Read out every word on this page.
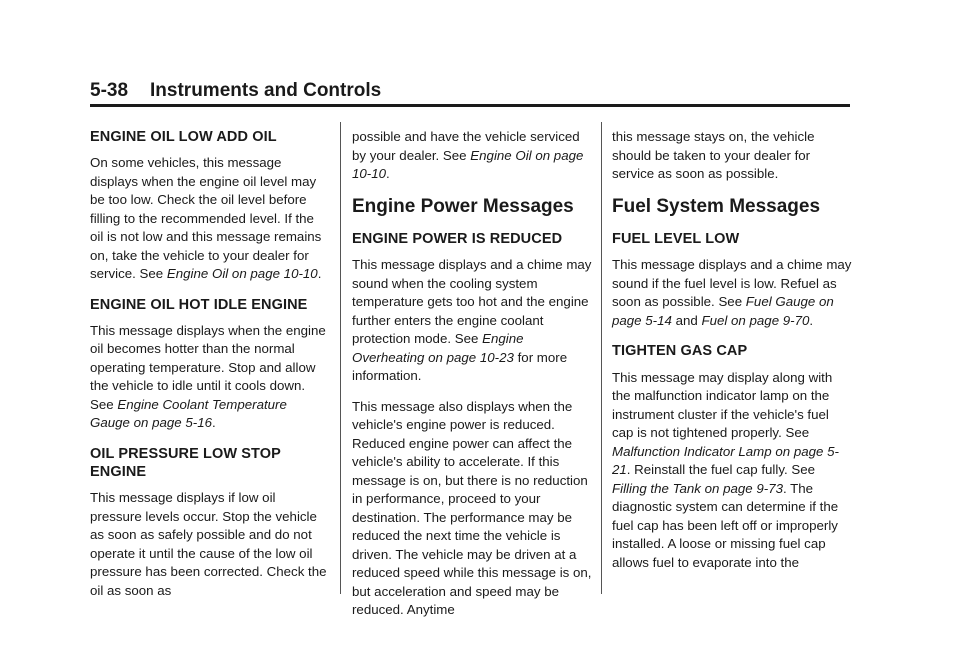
5-38 Instruments and Controls
ENGINE OIL LOW ADD OIL

On some vehicles, this message displays when the engine oil level may be too low. Check the oil level before filling to the recommended level. If the oil is not low and this message remains on, take the vehicle to your dealer for service. See Engine Oil on page 10-10.

ENGINE OIL HOT IDLE ENGINE

This message displays when the engine oil becomes hotter than the normal operating temperature. Stop and allow the vehicle to idle until it cools down. See Engine Coolant Temperature Gauge on page 5-16.

OIL PRESSURE LOW STOP ENGINE

This message displays if low oil pressure levels occur. Stop the vehicle as soon as safely possible and do not operate it until the cause of the low oil pressure has been corrected. Check the oil as soon as

possible and have the vehicle serviced by your dealer. See Engine Oil on page 10-10.

Engine Power Messages
ENGINE POWER IS REDUCED

This message displays and a chime may sound when the cooling system temperature gets too hot and the engine further enters the engine coolant protection mode. See Engine Overheating on page 10-23 for more information.

This message also displays when the vehicle's engine power is reduced. Reduced engine power can affect the vehicle's ability to accelerate. If this message is on, but there is no reduction in performance, proceed to your destination. The performance may be reduced the next time the vehicle is driven. The vehicle may be driven at a reduced speed while this message is on, but acceleration and speed may be reduced. Anytime

this message stays on, the vehicle should be taken to your dealer for service as soon as possible.

Fuel System Messages
FUEL LEVEL LOW

This message displays and a chime may sound if the fuel level is low. Refuel as soon as possible. See Fuel Gauge on page 5-14 and Fuel on page 9-70.

TIGHTEN GAS CAP

This message may display along with the malfunction indicator lamp on the instrument cluster if the vehicle's fuel cap is not tightened properly. See Malfunction Indicator Lamp on page 5-21. Reinstall the fuel cap fully. See Filling the Tank on page 9-73. The diagnostic system can determine if the fuel cap has been left off or improperly installed. A loose or missing fuel cap allows fuel to evaporate into the
